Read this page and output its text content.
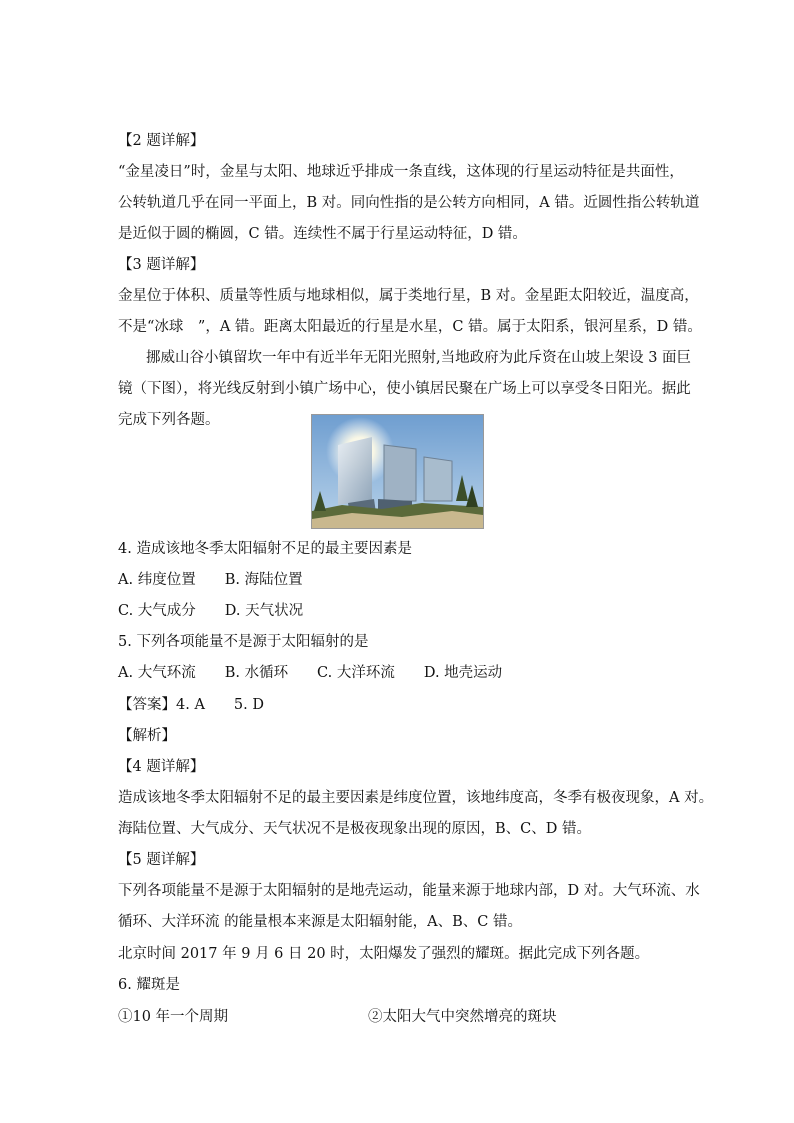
【2 题详解】
“金星凌日”时，金星与太阳、地球近乎排成一条直线，这体现的行星运动特征是共面性，
公转轨道几乎在同一平面上，B 对。同向性指的是公转方向相同，A 错。近圆性指公转轨道
是近似于圆的椭圆，C 错。连续性不属于行星运动特征，D 错。
【3 题详解】
金星位于体积、质量等性质与地球相似，属于类地行星，B 对。金星距太阳较近，温度高，
不是“冰球　”，A 错。距离太阳最近的行星是水星，C 错。属于太阳系，银河星系，D 错。
挪威山谷小镇留坎一年中有近半年无阳光照射,当地政府为此斥资在山坡上架设 3 面巨
镜（下图），将光线反射到小镇广场中心，使小镇居民聚在广场上可以享受冬日阳光。据此
完成下列各题。
4. 造成该地冬季太阳辐射不足的最主要因素是
A. 纬度位置　　B. 海陆位置
C. 大气成分　　D. 天气状况
5. 下列各项能量不是源于太阳辐射的是
A. 大气环流　　B. 水循环　　C. 大洋环流　　D. 地壳运动
【答案】4. A　　5. D
【解析】
【4 题详解】
造成该地冬季太阳辐射不足的最主要因素是纬度位置，该地纬度高，冬季有极夜现象，A 对。
海陆位置、大气成分、天气状况不是极夜现象出现的原因，B、C、D 错。
【5 题详解】
下列各项能量不是源于太阳辐射的是地壳运动，能量来源于地球内部，D 对。大气环流、水
循环、大洋环流 的能量根本来源是太阳辐射能，A、B、C 错。
北京时间 2017 年 9 月 6 日 20 时，太阳爆发了强烈的耀斑。据此完成下列各题。
6. 耀斑是
①10 年一个周期	②太阳大气中突然增亮的斑块
